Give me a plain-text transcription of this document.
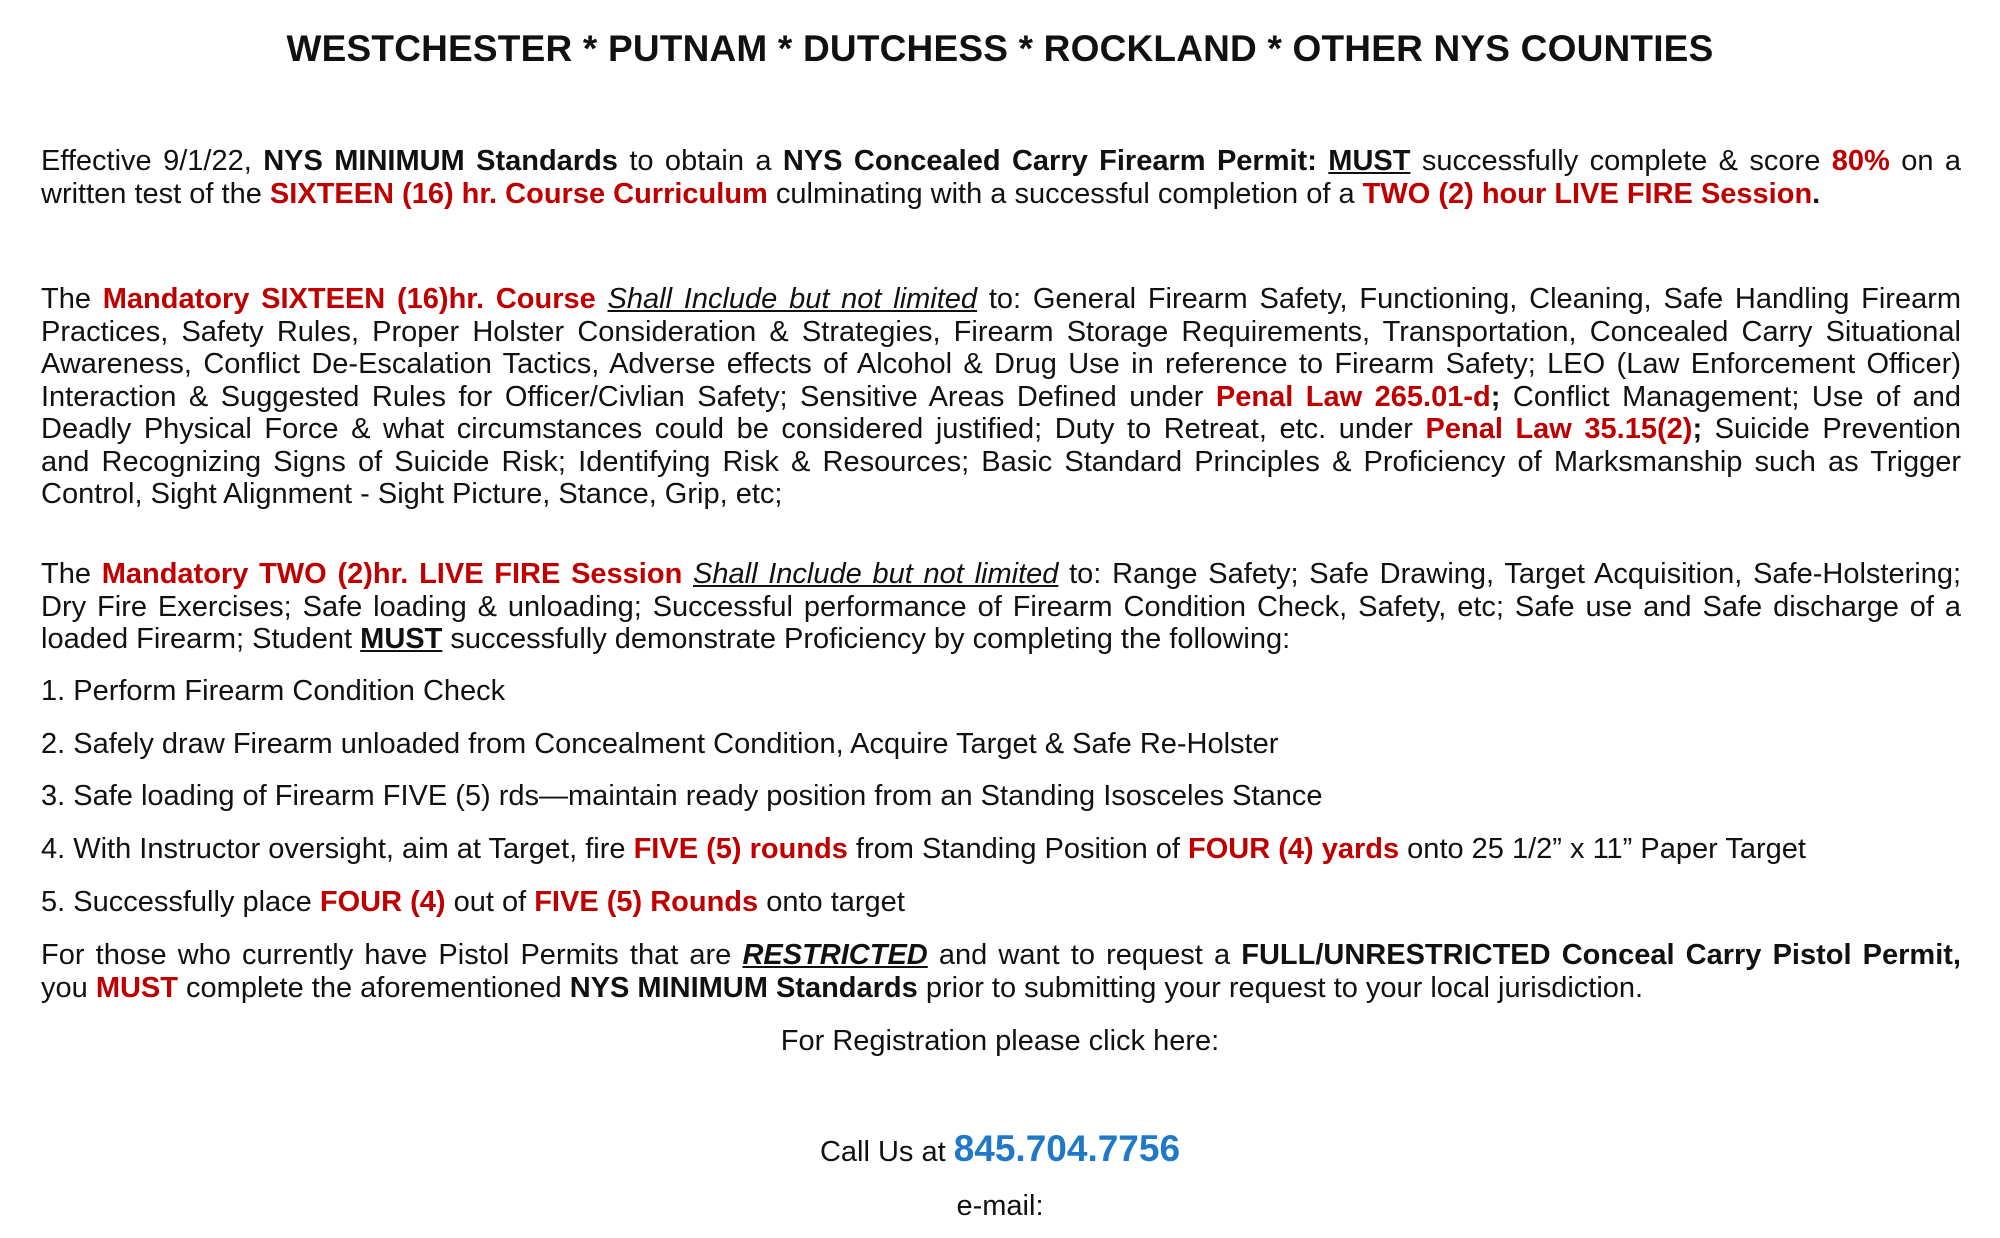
WESTCHESTER * PUTNAM * DUTCHESS * ROCKLAND * OTHER NYS COUNTIES
Effective 9/1/22, NYS MINIMUM Standards to obtain a NYS Concealed Carry Firearm Permit: MUST successfully complete & score 80% on a
written test of the SIXTEEN (16) hr. Course Curriculum culminating with a successful completion of a TWO (2) hour LIVE FIRE Session.
The Mandatory SIXTEEN (16)hr. Course Shall Include but not limited to: General Firearm Safety, Functioning, Cleaning, Safe Handling Firearm
Practices, Safety Rules, Proper Holster Consideration & Strategies, Firearm Storage Requirements, Transportation, Concealed Carry Situational
Awareness, Conflict De-Escalation Tactics, Adverse effects of Alcohol & Drug Use in reference to Firearm Safety; LEO (Law Enforcement Officer)
Interaction & Suggested Rules for Officer/Civlian Safety; Sensitive Areas Defined under Penal Law 265.01-d; Conflict Management; Use of and
Deadly Physical Force & what circumstances could be considered justified; Duty to Retreat, etc. under Penal Law 35.15(2); Suicide Prevention
and Recognizing Signs of Suicide Risk; Identifying Risk & Resources; Basic Standard Principles & Proficiency of Marksmanship such as Trigger
Control, Sight Alignment - Sight Picture, Stance, Grip, etc;
The Mandatory TWO (2)hr. LIVE FIRE Session Shall Include but not limited to: Range Safety; Safe Drawing, Target Acquisition, Safe-Holstering;
Dry Fire Exercises; Safe loading & unloading; Successful performance of Firearm Condition Check, Safety, etc; Safe use and Safe discharge of a
loaded Firearm; Student MUST successfully demonstrate Proficiency by completing the following:
1. Perform Firearm Condition Check
2. Safely draw Firearm unloaded from Concealment Condition, Acquire Target & Safe Re-Holster
3. Safe loading of Firearm FIVE (5) rds—maintain ready position from an Standing Isosceles Stance
4. With Instructor oversight, aim at Target, fire FIVE (5) rounds from Standing Position of FOUR (4) yards onto 25 1/2” x 11” Paper Target
5. Successfully place FOUR (4) out of FIVE (5) Rounds onto target
For those who currently have Pistol Permits that are RESTRICTED and want to request a FULL/UNRESTRICTED Conceal Carry Pistol Permit,
you MUST complete the aforementioned NYS MINIMUM Standards prior to submitting your request to your local jurisdiction.
For Registration please click here:
Call Us at 845.704.7756
e-mail:
